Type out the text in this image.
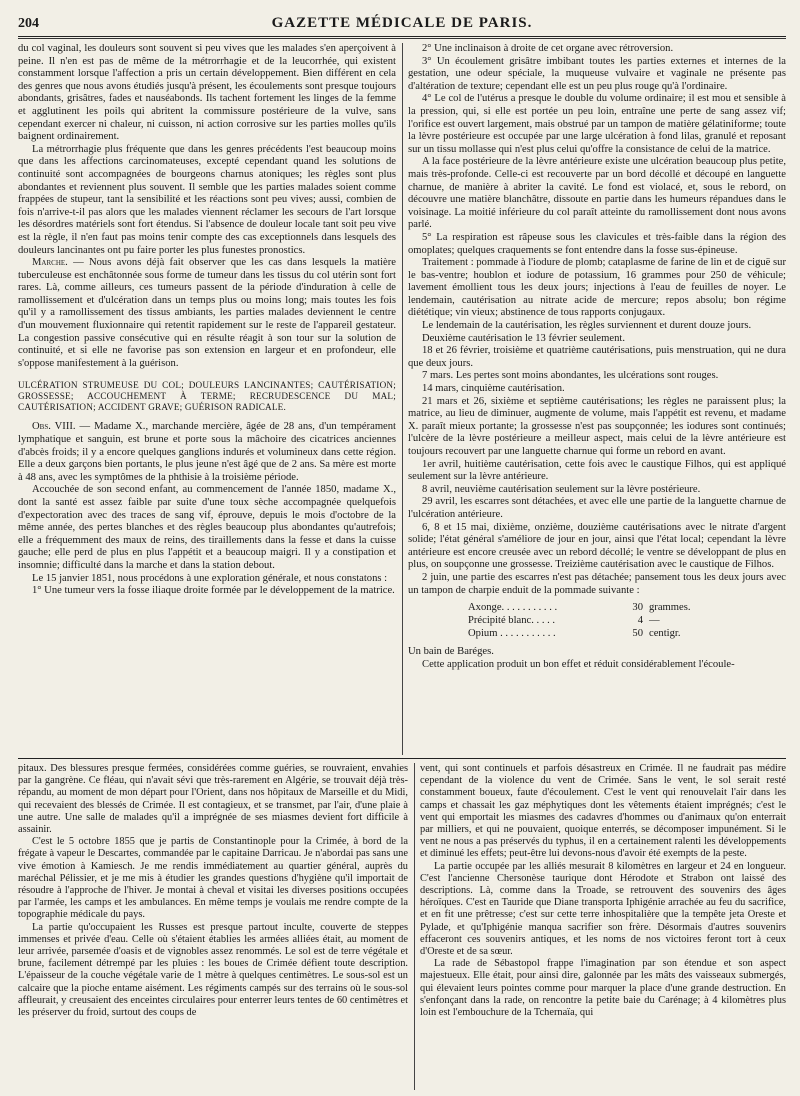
204	GAZETTE MÉDICALE DE PARIS.

du col vaginal, les douleurs sont souvent si peu vives que les malades s'en aperçoivent à peine. Il n'en est pas de même de la métrorrhagie et de la leucorrhée, qui existent constamment lorsque l'affection a pris un certain développement. Bien différent en cela des genres que nous avons étudiés jusqu'à présent, les écoulements sont presque toujours abondants, grisâtres, fades et nauséabonds. Ils tachent fortement les linges de la femme et agglutinent les poils qui abritent la commissure postérieure de la vulve, sans cependant exercer ni chaleur, ni cuisson, ni action corrosive sur les parties molles qu'ils baignent ordinairement.

La métrorrhagie plus fréquente que dans les genres précédents l'est beaucoup moins que dans les affections carcinomateuses, excepté cependant quand les solutions de continuité sont accompagnées de bourgeons charnus atoniques; les règles sont plus abondantes et reviennent plus souvent. Il semble que les parties malades soient comme frappées de stupeur, tant la sensibilité et les réactions sont peu vives; aussi, combien de fois n'arrive-t-il pas alors que les malades viennent réclamer les secours de l'art lorsque les désordres matériels sont fort étendus. Si l'absence de douleur locale tant soit peu vive est la règle, il n'en faut pas moins tenir compte des cas exceptionnels dans lesquels des douleurs lancinantes ont pu faire porter les plus funestes pronostics.

Marche. — Nous avons déjà fait observer que les cas dans lesquels la matière tuberculeuse est enchâtonnée sous forme de tumeur dans les tissus du col utérin sont fort rares. Là, comme ailleurs, ces tumeurs passent de la période d'induration à celle de ramollissement et d'ulcération dans un temps plus ou moins long; mais toutes les fois qu'il y a ramollissement des tissus ambiants, les parties malades deviennent le centre d'un mouvement fluxionnaire qui retentit rapidement sur le reste de l'appareil gestateur. La congestion passive consécutive qui en résulte réagit à son tour sur la solution de continuité, et si elle ne favorise pas son extension en largeur et en profondeur, elle s'oppose manifestement à la guérison.

ULCÉRATION STRUMEUSE DU COL; DOULEURS LANCINANTES; CAUTÉRISATION; GROSSESSE; ACCOUCHEMENT À TERME; RECRUDESCENCE DU MAL; CAUTÉRISATION; ACCIDENT GRAVE; GUÉRISON RADICALE.

Obs. VIII. — Madame X., marchande mercière, âgée de 28 ans, d'un tempérament lymphatique et sanguin, est brune et porte sous la mâchoire des cicatrices anciennes d'abcès froids; il y a encore quelques ganglions indurés et volumineux dans cette région. Elle a deux garçons bien portants, le plus jeune n'est âgé que de 2 ans. Sa mère est morte à 48 ans, avec les symptômes de la phthisie à la troisième période.

Accouchée de son second enfant, au commencement de l'année 1850, madame X., dont la santé est assez faible par suite d'une toux sèche accompagnée quelquefois d'expectoration avec des traces de sang vif, éprouve, depuis le mois d'octobre de la même année, des pertes blanches et des règles beaucoup plus abondantes qu'autrefois; elle a fréquemment des maux de reins, des tiraillements dans la fesse et dans la cuisse gauche; elle perd de plus en plus l'appétit et a beaucoup maigri. Il y a constipation et insomnie; difficulté dans la marche et dans la station debout.

Le 15 janvier 1851, nous procédons à une exploration générale, et nous constatons :

1° Une tumeur vers la fosse iliaque droite formée par le développement de la matrice.

2° Une inclinaison à droite de cet organe avec rétroversion.

3° Un écoulement grisâtre imbibant toutes les parties externes et internes de la gestation, une odeur spéciale, la muqueuse vulvaire et vaginale ne présente pas d'altération de texture; cependant elle est un peu plus rouge qu'à l'ordinaire.

4° Le col de l'utérus a presque le double du volume ordinaire; il est mou et sensible à la pression, qui, si elle est portée un peu loin, entraîne une perte de sang assez vif; l'orifice est ouvert largement, mais obstrué par un tampon de matière gélatiniforme; toute la lèvre postérieure est occupée par une large ulcération à fond lilas, granulé et reposant sur un tissu mollasse qui n'est plus celui qu'offre la consistance de celui de la matrice.

A la face postérieure de la lèvre antérieure existe une ulcération beaucoup plus petite, mais très-profonde. Celle-ci est recouverte par un bord décollé et découpé en languette charnue, de manière à abriter la cavité. Le fond est violacé, et, sous le rebord, on découvre une matière blanchâtre, dissoute en partie dans les humeurs répandues dans le voisinage. La moitié inférieure du col paraît atteinte du ramollissement dont nous avons parlé.

5° La respiration est râpeuse sous les clavicules et très-faible dans la région des omoplates; quelques craquements se font entendre dans la fosse sus-épineuse.

Traitement : pommade à l'iodure de plomb; cataplasme de farine de lin et de ciguë sur le bas-ventre; houblon et iodure de potassium, 16 grammes pour 250 de véhicule; lavement émollient tous les deux jours; injections à l'eau de feuilles de noyer. Le lendemain, cautérisation au nitrate acide de mercure; repos absolu; bon régime diététique; vin vieux; abstinence de tous rapports conjugaux.

Le lendemain de la cautérisation, les règles surviennent et durent douze jours.

Deuxième cautérisation le 13 février seulement.

18 et 26 février, troisième et quatrième cautérisations, puis menstruation, qui ne dura que deux jours.

7 mars. Les pertes sont moins abondantes, les ulcérations sont rouges.

14 mars, cinquième cautérisation.

21 mars et 26, sixième et septième cautérisations; les règles ne paraissent plus; la matrice, au lieu de diminuer, augmente de volume, mais l'appétit est revenu, et madame X. paraît mieux portante; la grossesse n'est pas soupçonnée; les iodures sont continués; l'ulcère de la lèvre postérieure a meilleur aspect, mais celui de la lèvre antérieure est toujours recouvert par une languette charnue qui forme un rebord en avant.

1er avril, huitième cautérisation, cette fois avec le caustique Filhos, qui est appliqué seulement sur la lèvre antérieure.

8 avril, neuvième cautérisation seulement sur la lèvre postérieure.

29 avril, les escarres sont détachées, et avec elle une partie de la languette charnue de l'ulcération antérieure.

6, 8 et 15 mai, dixième, onzième, douzième cautérisations avec le nitrate d'argent solide; l'état général s'améliore de jour en jour, ainsi que l'état local; cependant la lèvre antérieure est encore creusée avec un rebord décollé; le ventre se développant de plus en plus, on soupçonne une grossesse. Treizième cautérisation avec le caustique de Filhos.

2 juin, une partie des escarres n'est pas détachée; pansement tous les deux jours avec un tampon de charpie enduit de la pommade suivante :

Axonge. . . . . . . . . . .	30 grammes.
Précipité blanc. . . . .	4 —
Opium . . . . . . . . . . .	50 centigr.

Un bain de Baréges.

Cette application produit un bon effet et réduit considérablement l'écoule-

pitaux. Des blessures presque fermées, considérées comme guéries, se rouvraient, envahies par la gangrène. Ce fléau, qui n'avait sévi que très-rarement en Algérie, se trouvait déjà très-répandu, au moment de mon départ pour l'Orient, dans nos hôpitaux de Marseille et du Midi, qui recevaient des blessés de Crimée. Il est contagieux, et se transmet, par l'air, d'une plaie à une autre. Une salle de malades qu'il a imprégnée de ses miasmes devient fort difficile à assainir.

C'est le 5 octobre 1855 que je partis de Constantinople pour la Crimée, à bord de la frégate à vapeur le Descartes, commandée par le capitaine Darricau. Je n'abordai pas sans une vive émotion à Kamiesch. Je me rendis immédiatement au quartier général, auprès du maréchal Pélissier, et je me mis à étudier les grandes questions d'hygiène qu'il importait de résoudre à l'approche de l'hiver. Je montai à cheval et visitai les diverses positions occupées par l'armée, les camps et les ambulances. En même temps je voulais me rendre compte de la topographie médicale du pays.

La partie qu'occupaient les Russes est presque partout inculte, couverte de steppes immenses et privée d'eau. Celle où s'étaient établies les armées alliées était, au moment de leur arrivée, parsemée d'oasis et de vignobles assez renommés. Le sol est de terre végétale et brune, facilement détrempé par les pluies : les boues de Crimée défient toute description. L'épaisseur de la couche végétale varie de 1 mètre à quelques centimètres. Le sous-sol est un calcaire que la pioche entame aisément. Les régiments campés sur des terrains où le sous-sol affleurait, y creusaient des enceintes circulaires pour enterrer leurs tentes de 60 centimètres et les préserver du froid, surtout des coups de

vent, qui sont continuels et parfois désastreux en Crimée. Il ne faudrait pas médire cependant de la violence du vent de Crimée. Sans le vent, le sol serait resté constamment boueux, faute d'écoulement. C'est le vent qui renouvelait l'air dans les camps et chassait les gaz méphytiques dont les vêtements étaient imprégnés; c'est le vent qui emportait les miasmes des cadavres d'hommes ou d'animaux qu'on enterrait par milliers, et qui ne pouvaient, quoique enterrés, se décomposer impunément. Si le vent ne nous a pas préservés du typhus, il en a certainement ralenti les développements et diminué les effets; peut-être lui devons-nous d'avoir été exempts de la peste.

La partie occupée par les alliés mesurait 8 kilomètres en largeur et 24 en longueur. C'est l'ancienne Chersonèse taurique dont Hérodote et Strabon ont laissé des descriptions. Là, comme dans la Troade, se retrouvent des souvenirs des âges héroïques. C'est en Tauride que Diane transporta Iphigénie arrachée au feu du sacrifice, et en fit une prêtresse; c'est sur cette terre inhospitalière que la tempête jeta Oreste et Pylade, et qu'Iphigénie manqua sacrifier son frère. Désormais d'autres souvenirs effaceront ces souvenirs antiques, et les noms de nos victoires feront tort à ceux d'Oreste et de sa sœur.

La rade de Sébastopol frappe l'imagination par son étendue et son aspect majestueux. Elle était, pour ainsi dire, galonnée par les mâts des vaisseaux submergés, qui élevaient leurs pointes comme pour marquer la place d'une grande destruction. En s'enfonçant dans la rade, on rencontre la petite baie du Carénage; à 4 kilomètres plus loin est l'embouchure de la Tchernaïa, qui
